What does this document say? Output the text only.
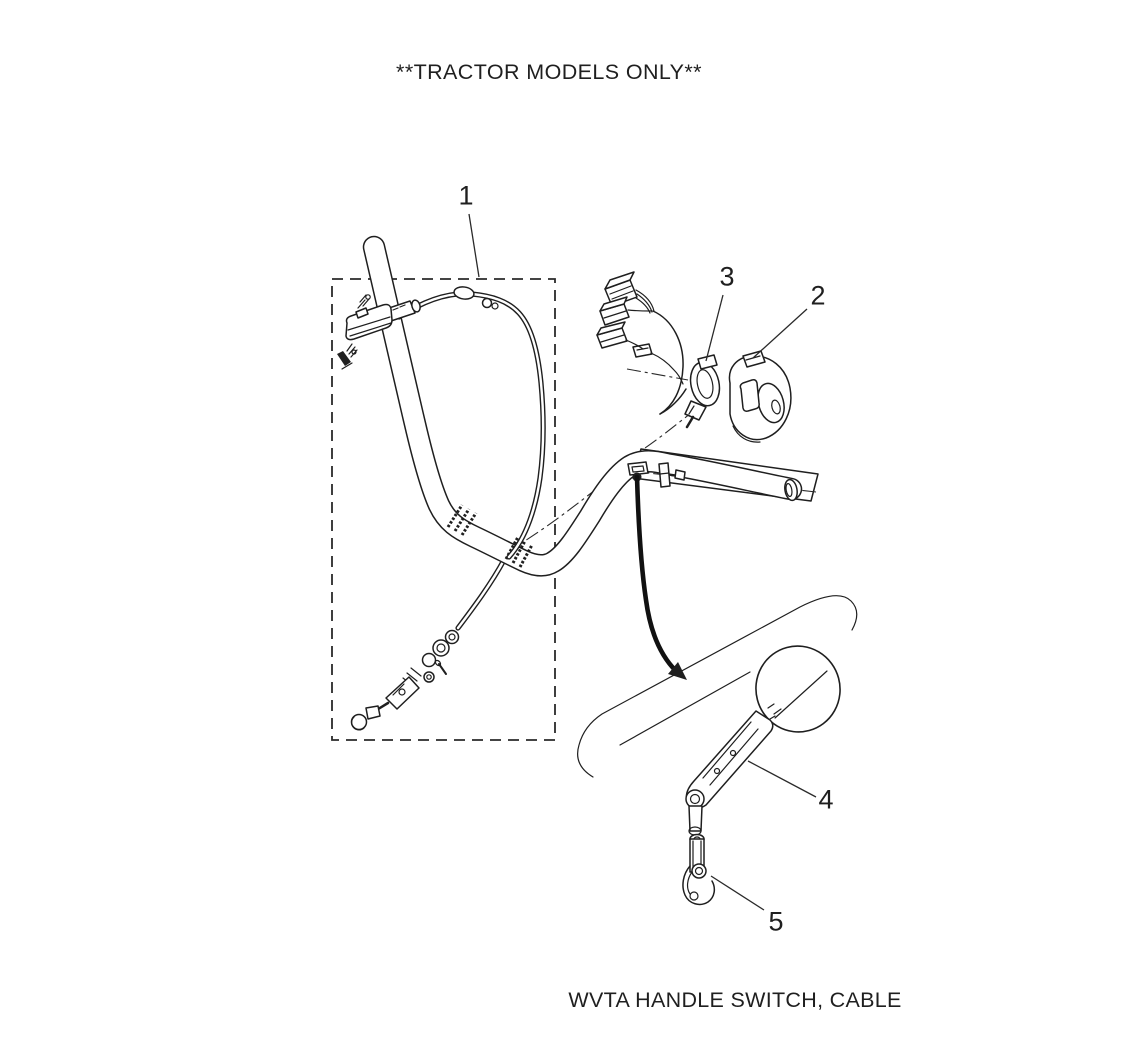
**TRACTOR MODELS ONLY**
1
2
3
4
5
WVTA HANDLE SWITCH, CABLE
